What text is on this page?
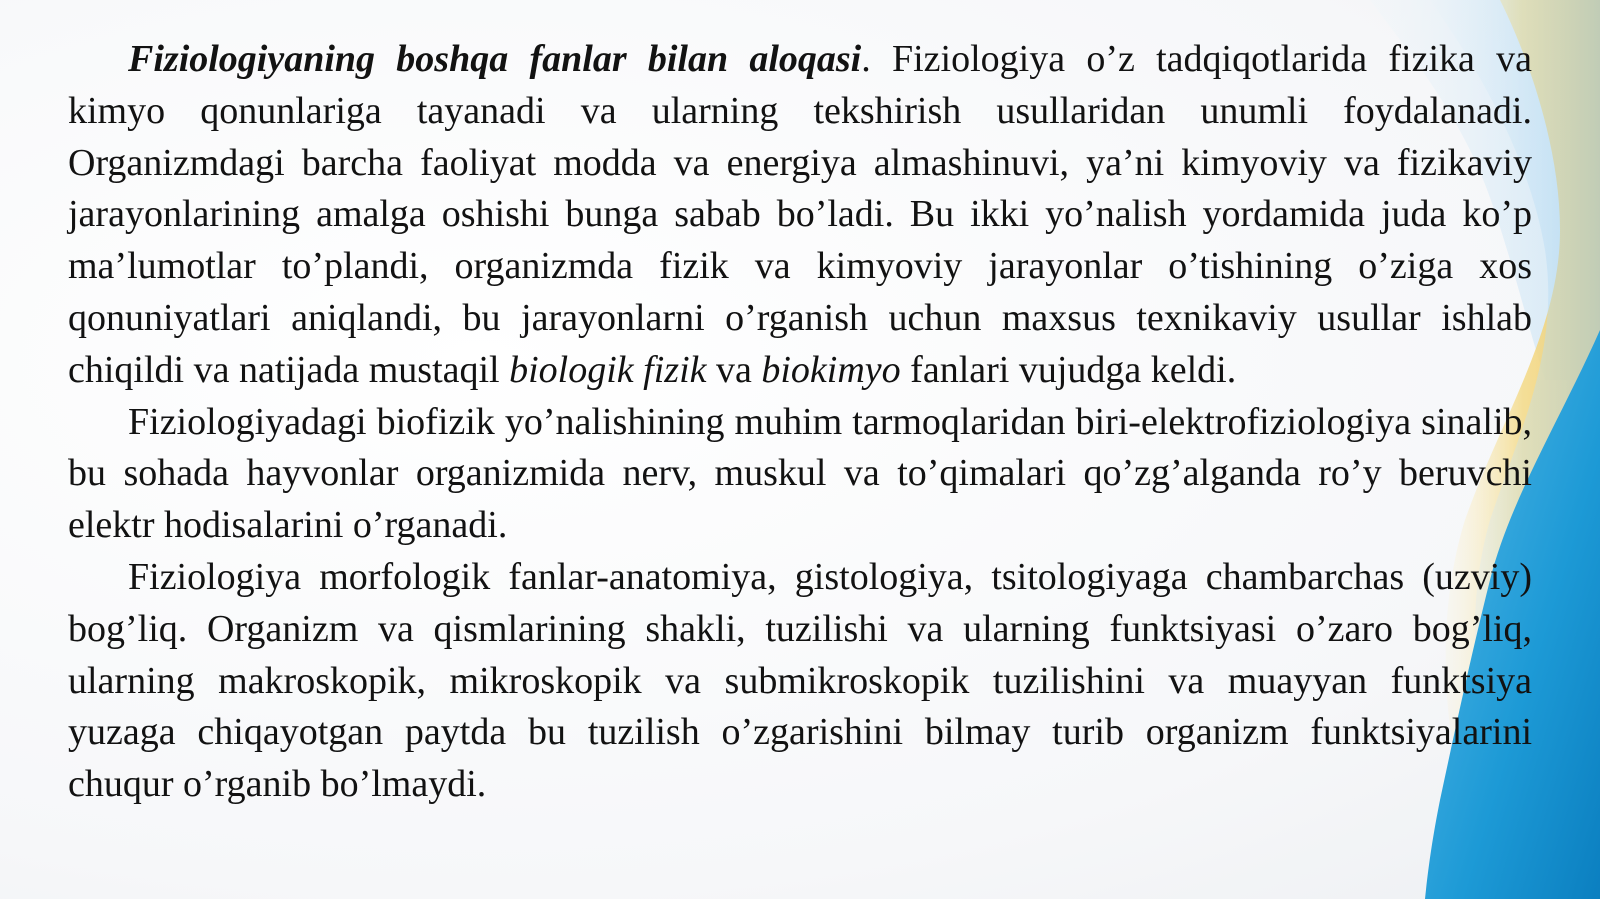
Fiziologiyaning boshqa fanlar bilan aloqasi. Fiziologiya o’z tadqiqotlarida fizika va kimyo qonunlariga tayanadi va ularning tekshirish usullaridan unumli foydalanadi. Organizmdagi barcha faoliyat modda va energiya almashinuvi, ya’ni kimyoviy va fizikaviy jarayonlarining amalga oshishi bunga sabab bo’ladi. Bu ikki yo’nalish yordamida juda ko’p ma’lumotlar to’plandi, organizmda fizik va kimyoviy jarayonlar o’tishining o’ziga xos qonuniyatlari aniqlandi, bu jarayonlarni o’rganish uchun maxsus texnikaviy usullar ishlab chiqildi va natijada mustaqil biologik fizik va biokimyo fanlari vujudga keldi.

Fiziologiyadagi biofizik yo’nalishining muhim tarmoqlaridan biri-elektrofiziologiya sinalib, bu sohada hayvonlar organizmida nerv, muskul va to’qimalari qo’zg’alganda ro’y beruvchi elektr hodisalarini o’rganadi.

Fiziologiya morfologik fanlar-anatomiya, gistologiya, tsitologiyaga chambarchas (uzviy) bog’liq. Organizm va qismlarining shakli, tuzilishi va ularning funktsiyasi o’zaro bog’liq, ularning makroskopik, mikroskopik va submikroskopik tuzilishini va muayyan funktsiya yuzaga chiqayotgan paytda bu tuzilish o’zgarishini bilmay turib organizm funktsiyalarini chuqur o’rganib bo’lmaydi.
